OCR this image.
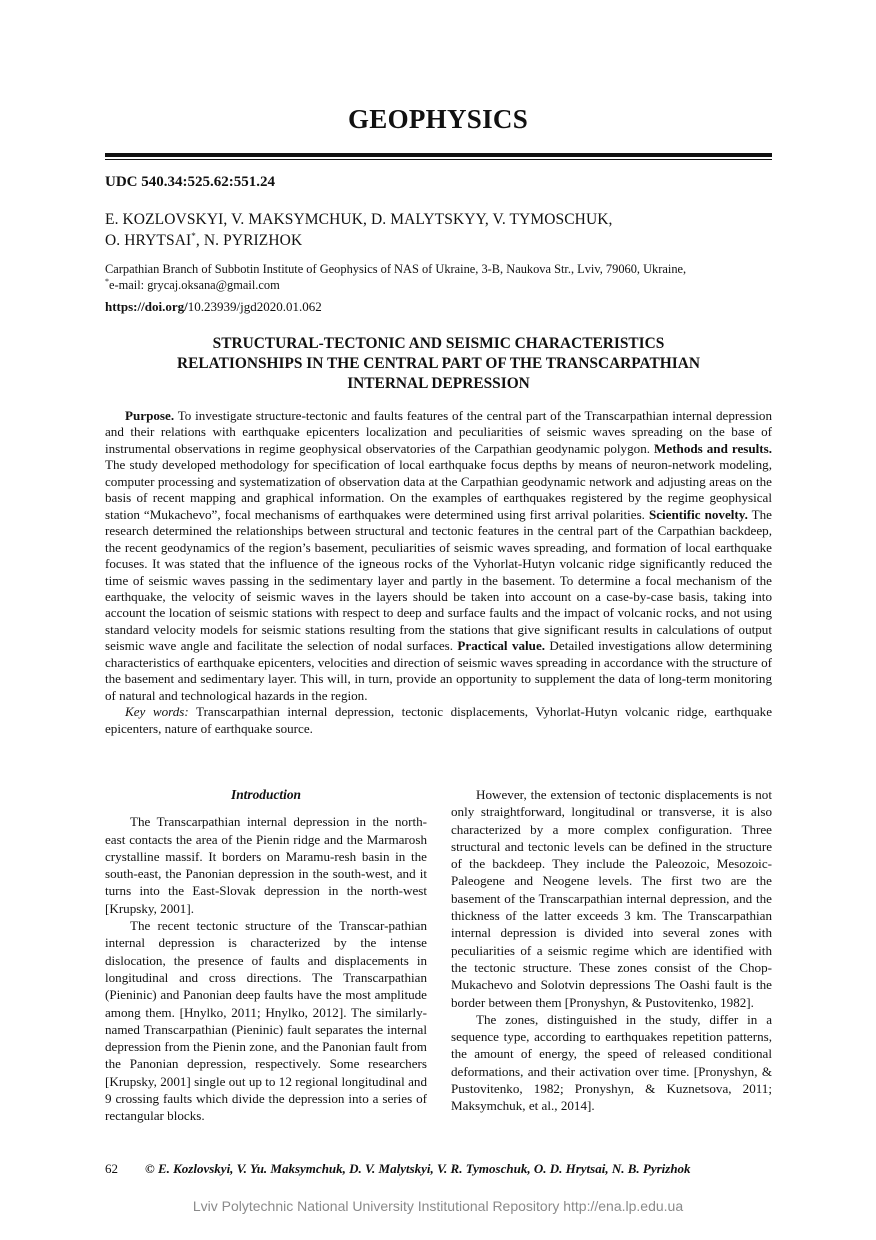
GEOPHYSICS
UDC 540.34:525.62:551.24
E. KOZLOVSKYI, V. MAKSYMCHUK, D. MALYTSKYY, V. TYMOSCHUK,
O. HRYTSAI*, N. PYRIZHOK
Carpathian Branch of Subbotin Institute of Geophysics of NAS of Ukraine, 3-B, Naukova Str., Lviv, 79060, Ukraine,
*e-mail: grycaj.oksana@gmail.com
https://doi.org/10.23939/jgd2020.01.062
STRUCTURAL-TECTONIC AND SEISMIC CHARACTERISTICS
RELATIONSHIPS IN THE CENTRAL PART OF THE TRANSCARPATHIAN
INTERNAL DEPRESSION

Purpose. To investigate structure-tectonic and faults features of the central part of the Transcarpathian internal depression and their relations with earthquake epicenters localization and peculiarities of seismic waves spreading on the base of instrumental observations in regime geophysical observatories of the Carpathian geodynamic polygon. Methods and results. The study developed methodology for specification of local earthquake focus depths by means of neuron-network modeling, computer processing and systematization of observation data at the Carpathian geodynamic network and adjusting areas on the basis of recent mapping and graphical information. On the examples of earthquakes registered by the regime geophysical station “Mukachevo”, focal mechanisms of earthquakes were determined using first arrival polarities. Scientific novelty. The research determined the relationships between structural and tectonic features in the central part of the Carpathian backdeep, the recent geodynamics of the region’s basement, peculiarities of seismic waves spreading, and formation of local earthquake focuses. It was stated that the influence of the igneous rocks of the Vyhorlat-Hutyn volcanic ridge significantly reduced the time of seismic waves passing in the sedimentary layer and partly in the basement. To determine a focal mechanism of the earthquake, the velocity of seismic waves in the layers should be taken into account on a case-by-case basis, taking into account the location of seismic stations with respect to deep and surface faults and the impact of volcanic rocks, and not using standard velocity models for seismic stations resulting from the stations that give significant results in calculations of output seismic wave angle and facilitate the selection of nodal surfaces. Practical value. Detailed investigations allow determining characteristics of earthquake epicenters, velocities and direction of seismic waves spreading in accordance with the structure of the basement and sedimentary layer. This will, in turn, provide an opportunity to supplement the data of long-term monitoring of natural and technological hazards in the region.

Key words: Transcarpathian internal depression, tectonic displacements, Vyhorlat-Hutyn volcanic ridge, earthquake epicenters, nature of earthquake source.

Introduction

The Transcarpathian internal depression in the north-east contacts the area of the Pienin ridge and the Marmarosh crystalline massif. It borders on Maramu-resh basin in the south-east, the Panonian depression in the south-west, and it turns into the East-Slovak depression in the north-west [Krupsky, 2001].

The recent tectonic structure of the Transcar-pathian internal depression is characterized by the intense dislocation, the presence of faults and displacements in longitudinal and cross directions. The Transcarpathian (Pieninic) and Panonian deep faults have the most amplitude among them. [Hnylko, 2011; Hnylko, 2012]. The similarly-named Transcarpathian (Pieninic) fault separates the internal depression from the Pienin zone, and the Panonian fault from the Panonian depression, respectively. Some researchers [Krupsky, 2001] single out up to 12 regional longitudinal and 9 crossing faults which divide the depression into a series of rectangular blocks.

However, the extension of tectonic displacements is not only straightforward, longitudinal or transverse, it is also characterized by a more complex configuration. Three structural and tectonic levels can be defined in the structure of the backdeep. They include the Paleozoic, Mesozoic-Paleogene and Neogene levels. The first two are the basement of the Transcarpathian internal depression, and the thickness of the latter exceeds 3 km. The Transcarpathian internal depression is divided into several zones with peculiarities of a seismic regime which are identified with the tectonic structure. These zones consist of the Chop-Mukachevo and Solotvin depressions The Oashi fault is the border between them [Pronyshyn, & Pustovitenko, 1982].

The zones, distinguished in the study, differ in a sequence type, according to earthquakes repetition patterns, the amount of energy, the speed of released conditional deformations, and their activation over time. [Pronyshyn, & Pustovitenko, 1982; Pronyshyn, & Kuznetsova, 2011; Maksymchuk, et al., 2014].

62 © E. Kozlovskyi, V. Yu. Maksymchuk, D. V. Malytskyi, V. R. Tymoschuk, O. D. Hrytsai, N. B. Pyrizhok
Lviv Polytechnic National University Institutional Repository http://ena.lp.edu.ua
